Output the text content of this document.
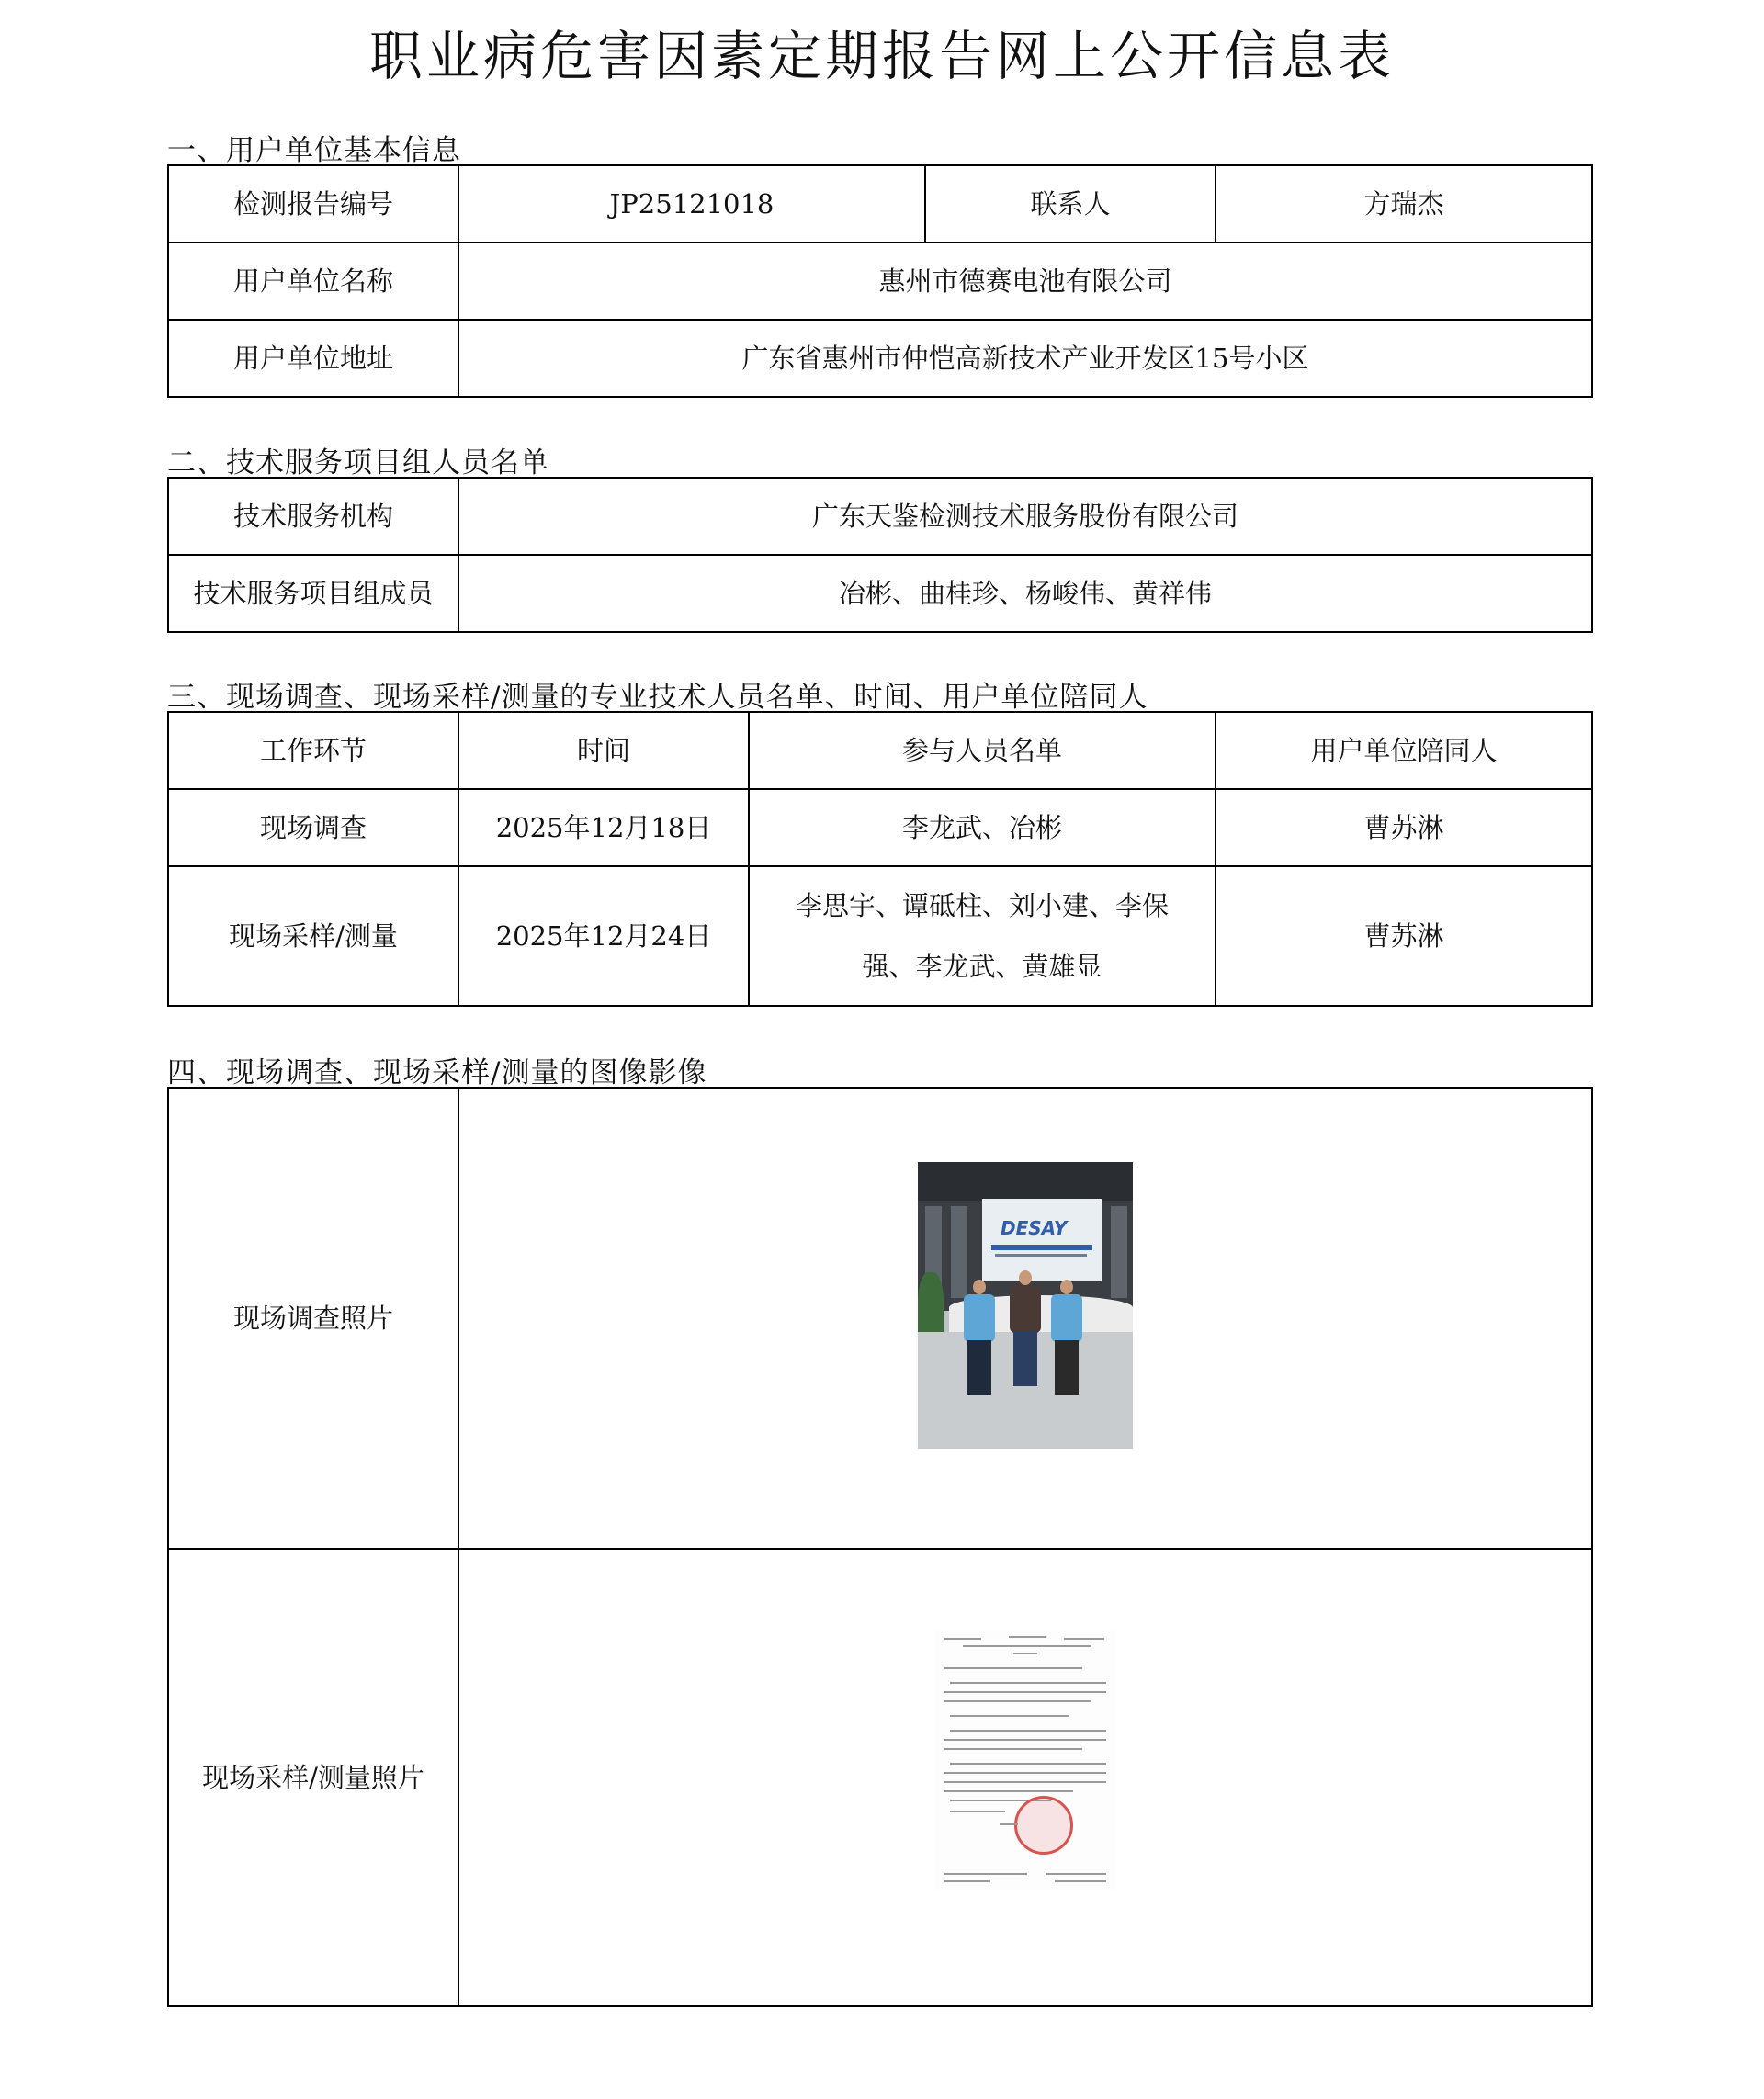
职业病危害因素定期报告网上公开信息表
一、用户单位基本信息
检测报告编号	JP25121018	联系人	方瑞杰
用户单位名称	惠州市德赛电池有限公司		
用户单位地址	广东省惠州市仲恺高新技术产业开发区15号小区		
二、技术服务项目组人员名单
技术服务机构	广东天鉴检测技术服务股份有限公司
技术服务项目组成员	冶彬、曲桂珍、杨峻伟、黄祥伟
三、现场调查、现场采样/测量的专业技术人员名单、时间、用户单位陪同人
工作环节	时间	参与人员名单	用户单位陪同人
现场调查	2025年12月18日	李龙武、冶彬	曹苏淋
现场采样/测量	2025年12月24日	李思宇、谭砥柱、刘小建、李保强、李龙武、黄雄显	曹苏淋
四、现场调查、现场采样/测量的图像影像
现场调查照片	DESAY

现场采样/测量照片	
